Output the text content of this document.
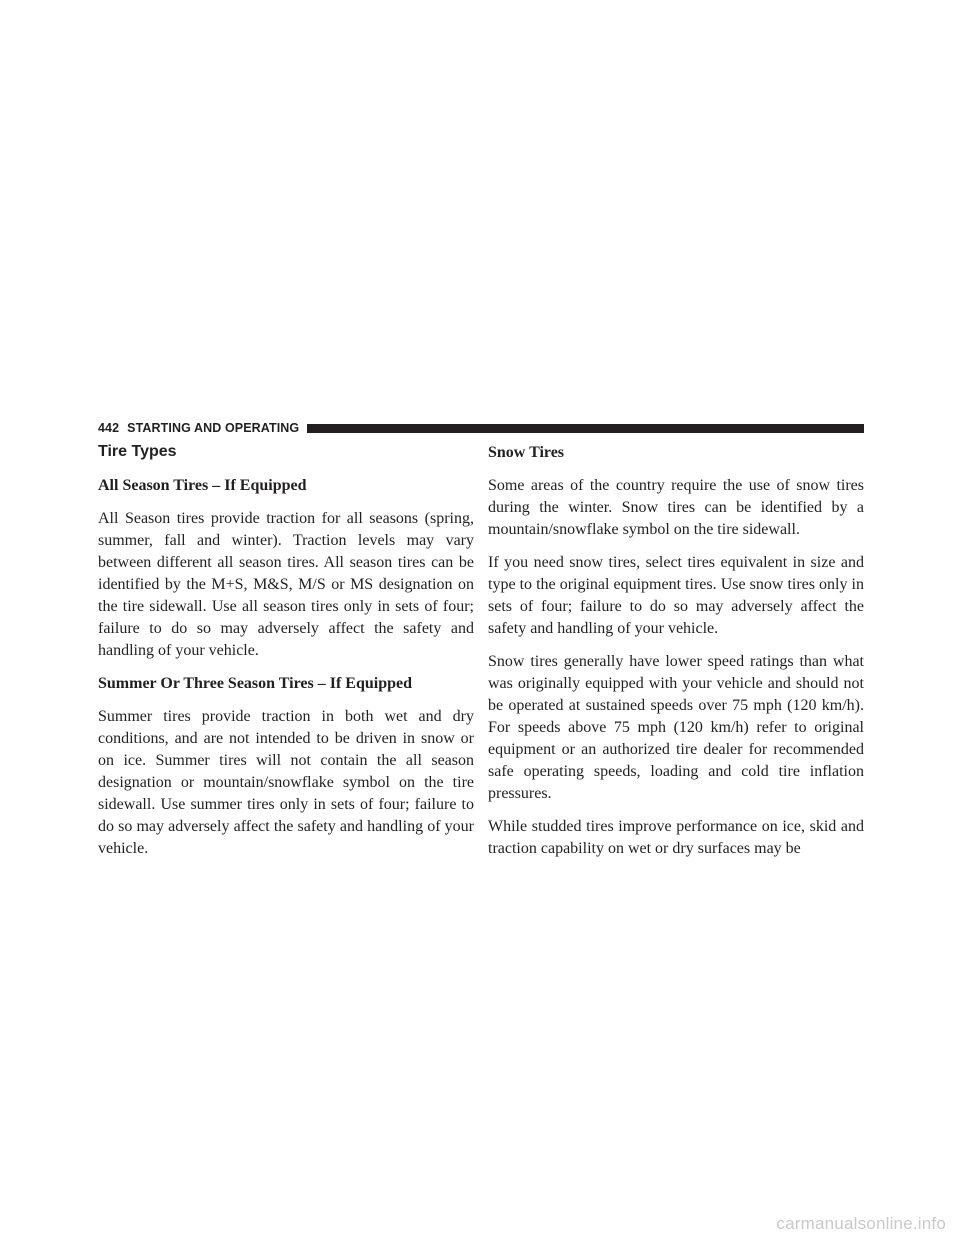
442 STARTING AND OPERATING
Tire Types
All Season Tires – If Equipped

All Season tires provide traction for all seasons (spring, summer, fall and winter). Traction levels may vary between different all season tires. All season tires can be identified by the M+S, M&S, M/S or MS designation on the tire sidewall. Use all season tires only in sets of four; failure to do so may adversely affect the safety and handling of your vehicle.

Summer Or Three Season Tires – If Equipped

Summer tires provide traction in both wet and dry conditions, and are not intended to be driven in snow or on ice. Summer tires will not contain the all season designation or mountain/snowflake symbol on the tire sidewall. Use summer tires only in sets of four; failure to do so may adversely affect the safety and handling of your vehicle.

Snow Tires

Some areas of the country require the use of snow tires during the winter. Snow tires can be identified by a mountain/snowflake symbol on the tire sidewall.

If you need snow tires, select tires equivalent in size and type to the original equipment tires. Use snow tires only in sets of four; failure to do so may adversely affect the safety and handling of your vehicle.

Snow tires generally have lower speed ratings than what was originally equipped with your vehicle and should not be operated at sustained speeds over 75 mph (120 km/h). For speeds above 75 mph (120 km/h) refer to original equipment or an authorized tire dealer for recommended safe operating speeds, loading and cold tire inflation pressures.

While studded tires improve performance on ice, skid and traction capability on wet or dry surfaces may be

carmanualsonline.info
